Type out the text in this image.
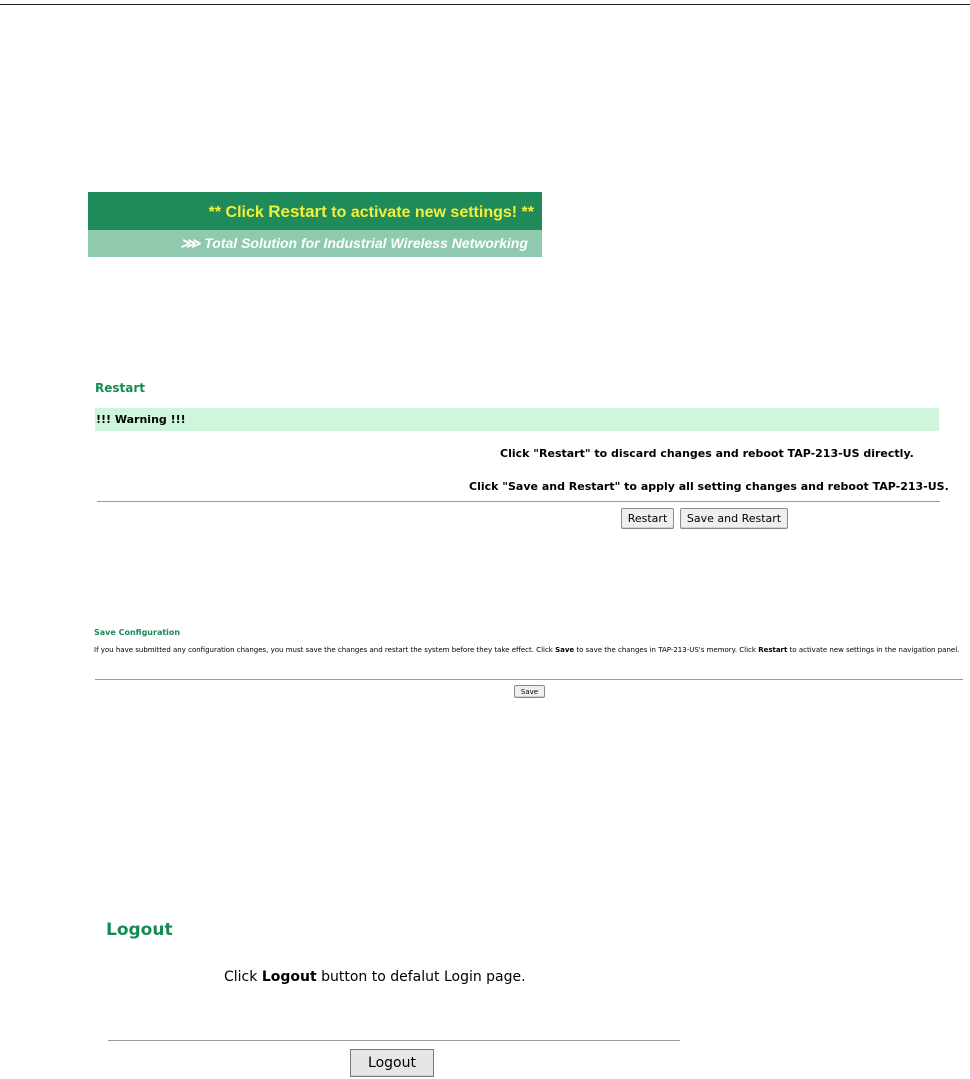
** Click Restart to activate new settings! **
⋙ Total Solution for Industrial Wireless Networking
Restart
!!! Warning !!!
Click "Restart" to discard changes and reboot TAP-213-US directly.
Click "Save and Restart" to apply all setting changes and reboot TAP-213-US.
Restart	Save and Restart
Save Configuration
If you have submitted any configuration changes, you must save the changes and restart the system before they take effect. Click Save to save the changes in TAP-213-US's memory. Click Restart to activate new settings in the navigation panel.
Save
Logout
Click Logout button to defalut Login page.
Logout
